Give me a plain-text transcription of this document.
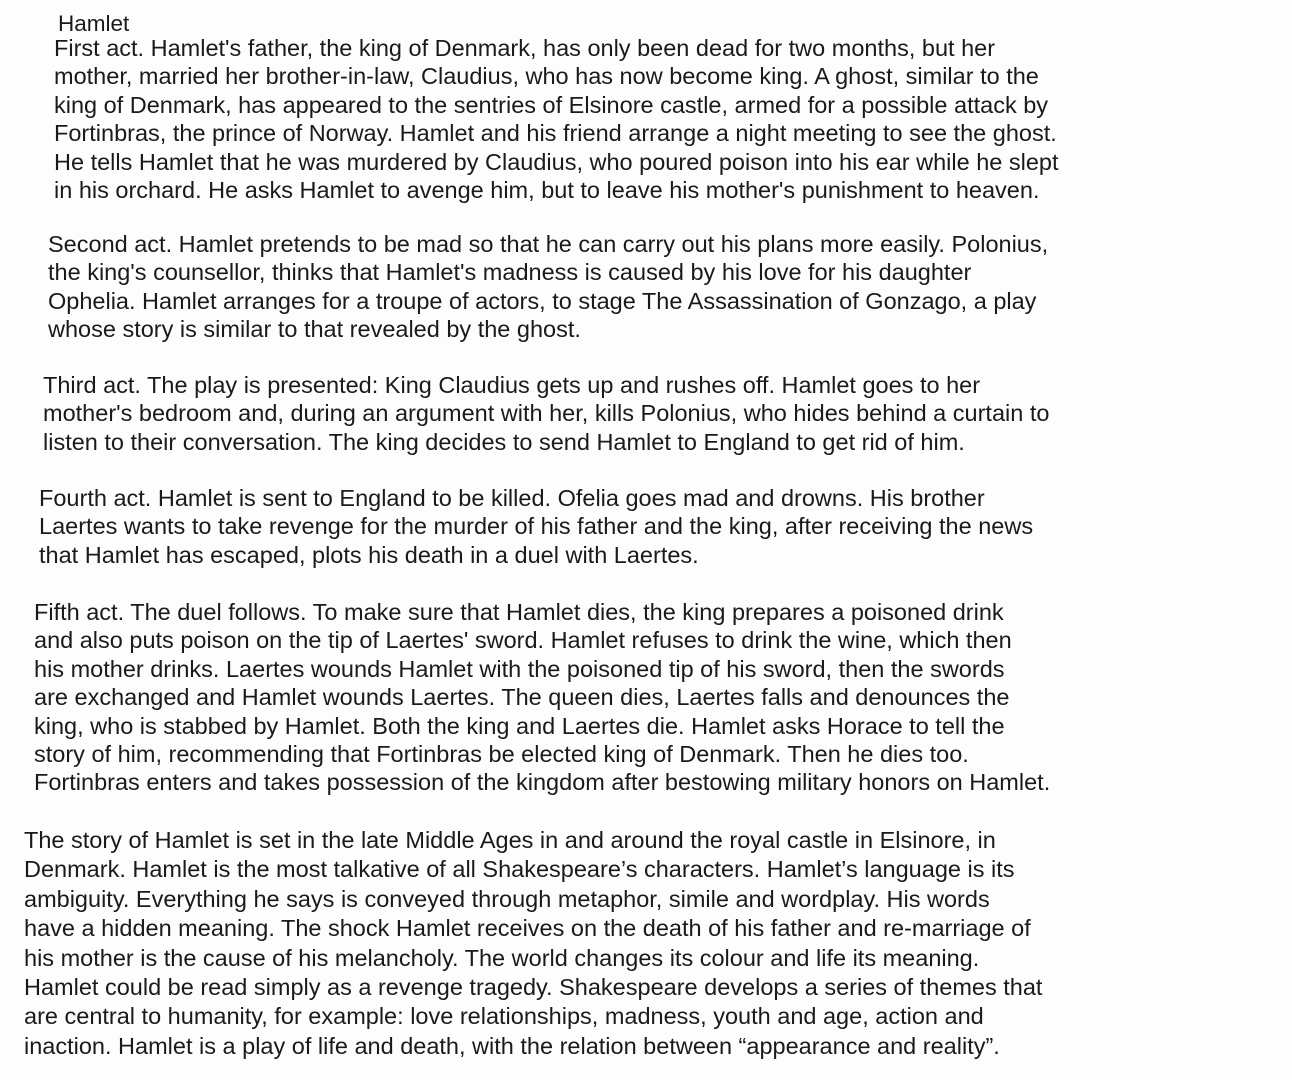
Hamlet
First act. Hamlet's father, the king of Denmark, has only been dead for two months, but her
mother, married her brother-in-law, Claudius, who has now become king. A ghost, similar to the
king of Denmark, has appeared to the sentries of Elsinore castle, armed for a possible attack by
Fortinbras, the prince of Norway. Hamlet and his friend arrange a night meeting to see the ghost.
He tells Hamlet that he was murdered by Claudius, who poured poison into his ear while he slept
in his orchard. He asks Hamlet to avenge him, but to leave his mother's punishment to heaven.
Second act. Hamlet pretends to be mad so that he can carry out his plans more easily. Polonius,
the king's counsellor, thinks that Hamlet's madness is caused by his love for his daughter
Ophelia. Hamlet arranges for a troupe of actors, to stage The Assassination of Gonzago, a play
whose story is similar to that revealed by the ghost.
Third act. The play is presented: King Claudius gets up and rushes off. Hamlet goes to her
mother's bedroom and, during an argument with her, kills Polonius, who hides behind a curtain to
listen to their conversation. The king decides to send Hamlet to England to get rid of him.
Fourth act. Hamlet is sent to England to be killed. Ofelia goes mad and drowns. His brother
Laertes wants to take revenge for the murder of his father and the king, after receiving the news
that Hamlet has escaped, plots his death in a duel with Laertes.
Fifth act. The duel follows. To make sure that Hamlet dies, the king prepares a poisoned drink
and also puts poison on the tip of Laertes' sword. Hamlet refuses to drink the wine, which then
his mother drinks. Laertes wounds Hamlet with the poisoned tip of his sword, then the swords
are exchanged and Hamlet wounds Laertes. The queen dies, Laertes falls and denounces the
king, who is stabbed by Hamlet. Both the king and Laertes die. Hamlet asks Horace to tell the
story of him, recommending that Fortinbras be elected king of Denmark. Then he dies too.
Fortinbras enters and takes possession of the kingdom after bestowing military honors on Hamlet.
The story of Hamlet is set in the late Middle Ages in and around the royal castle in Elsinore, in
Denmark. Hamlet is the most talkative of all Shakespeare’s characters. Hamlet’s language is its
ambiguity. Everything he says is conveyed through metaphor, simile and wordplay. His words
have a hidden meaning. The shock Hamlet receives on the death of his father and re-marriage of
his mother is the cause of his melancholy. The world changes its colour and life its meaning.
Hamlet could be read simply as a revenge tragedy. Shakespeare develops a series of themes that
are central to humanity, for example: love relationships, madness, youth and age, action and
inaction. Hamlet is a play of life and death, with the relation between “appearance and reality”.
